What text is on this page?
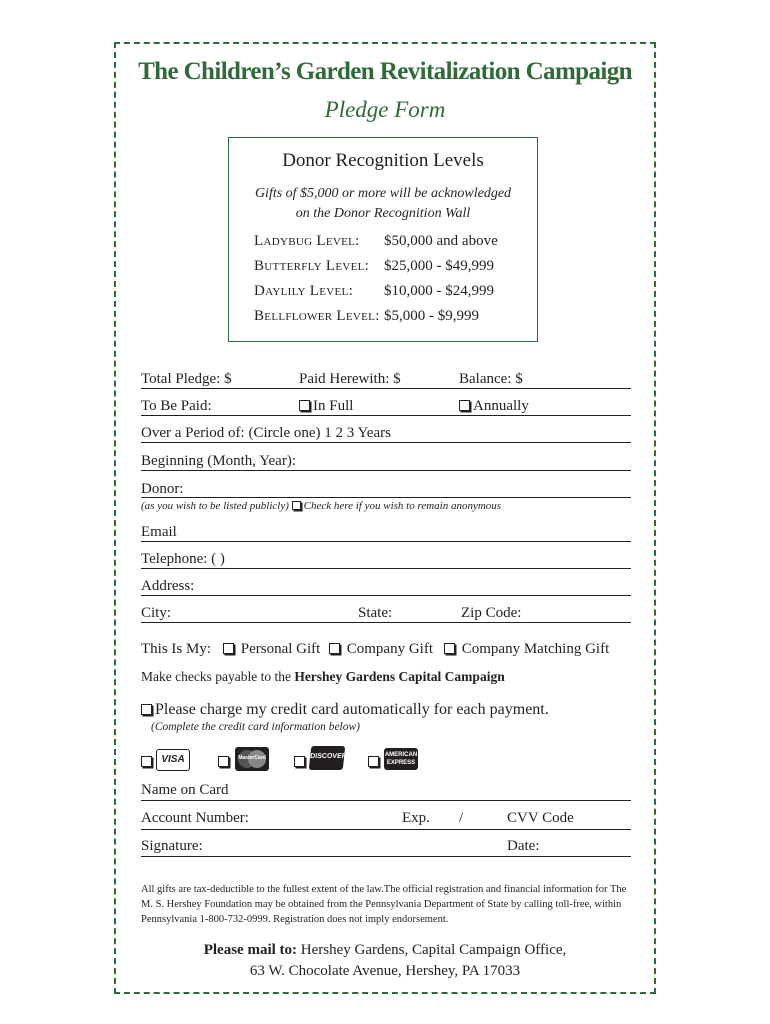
The Children’s Garden Revitalization Campaign
Pledge Form
Donor Recognition Levels
Gifts of $5,000 or more will be acknowledged
on the Donor Recognition Wall
Ladybug Level: $50,000 and above
Butterfly Level: $25,000 - $49,999
Daylily Level: $10,000 - $24,999
Bellflower Level: $5,000 - $9,999
Total Pledge: $	Paid Herewith: $	Balance: $
To Be Paid:	In Full	Annually
Over a Period of: (Circle one) 1 2 3 Years
Beginning (Month, Year):
Donor:
(as you wish to be listed publicly) Check here if you wish to remain anonymous
Email
Telephone: ( )
Address:
City:	State:	Zip Code:
This Is My:	Personal Gift	Company Gift	Company Matching Gift
Make checks payable to the Hershey Gardens Capital Campaign
Please charge my credit card automatically for each payment.
(Complete the credit card information below)
VISA	MasterCard	DISCOVER	AMERICAN
EXPRESS
Name on Card
Account Number:	Exp. /	CVV Code
Signature:	Date:
All gifts are tax-deductible to the fullest extent of the law.The official registration and financial information for The M. S. Hershey Foundation may be obtained from the Pennsylvania Department of State by calling toll-free, within Pennsylvania 1-800-732-0999. Registration does not imply endorsement.
Please mail to: Hershey Gardens, Capital Campaign Office,
63 W. Chocolate Avenue, Hershey, PA 17033
